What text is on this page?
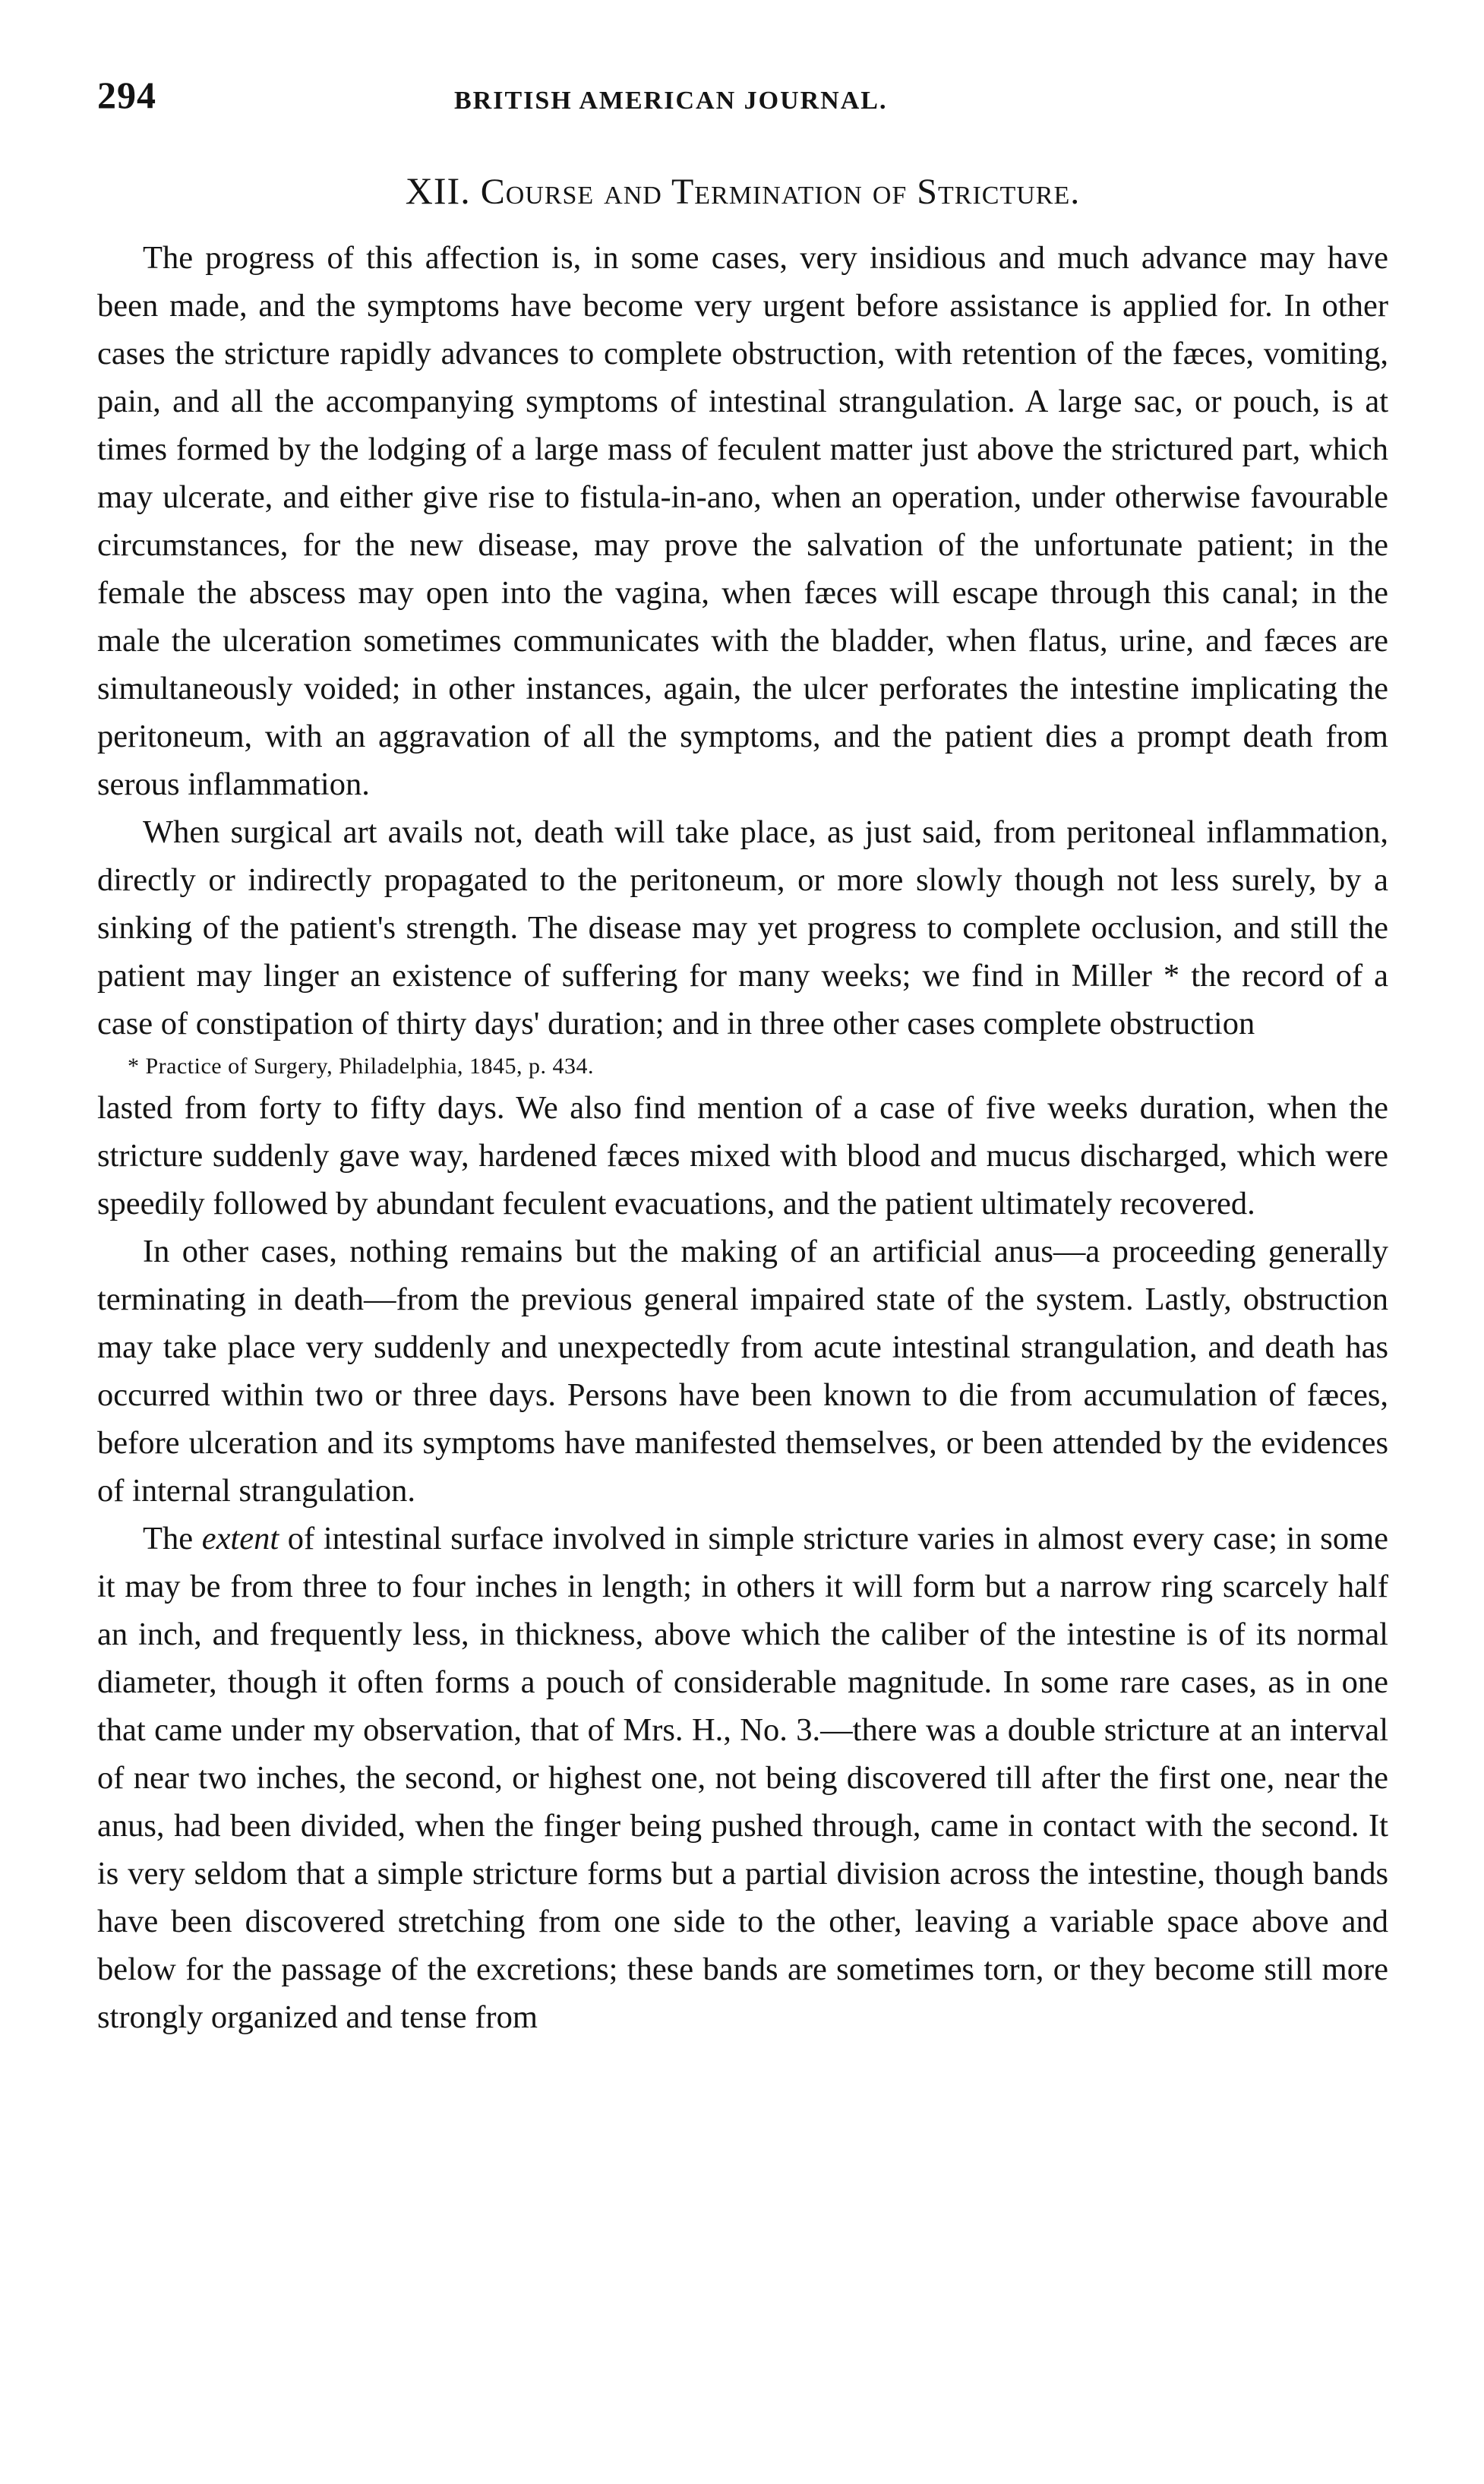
294	BRITISH AMERICAN JOURNAL.
XII. Course and Termination of Stricture.

The progress of this affection is, in some cases, very insidious and much advance may have been made, and the symptoms have become very urgent before assistance is applied for. In other cases the stricture rapidly advances to complete obstruction, with retention of the fæces, vomiting, pain, and all the accompanying symptoms of intestinal strangulation. A large sac, or pouch, is at times formed by the lodging of a large mass of feculent matter just above the strictured part, which may ulcerate, and either give rise to fistula-in-ano, when an operation, under otherwise favourable circumstances, for the new disease, may prove the salvation of the unfortunate patient; in the female the abscess may open into the vagina, when fæces will escape through this canal; in the male the ulceration sometimes communicates with the bladder, when flatus, urine, and fæces are simultaneously voided; in other instances, again, the ulcer perforates the intestine implicating the peritoneum, with an aggravation of all the symptoms, and the patient dies a prompt death from serous inflammation.

When surgical art avails not, death will take place, as just said, from peritoneal inflammation, directly or indirectly propagated to the peritoneum, or more slowly though not less surely, by a sinking of the patient's strength. The disease may yet progress to complete occlusion, and still the patient may linger an existence of suffering for many weeks; we find in Miller * the record of a case of constipation of thirty days' duration; and in three other cases complete obstruction

* Practice of Surgery, Philadelphia, 1845, p. 434.

lasted from forty to fifty days. We also find mention of a case of five weeks duration, when the stricture suddenly gave way, hardened fæces mixed with blood and mucus discharged, which were speedily followed by abundant feculent evacuations, and the patient ultimately recovered.

In other cases, nothing remains but the making of an artificial anus—a proceeding generally terminating in death—from the previous general impaired state of the system. Lastly, obstruction may take place very suddenly and unexpectedly from acute intestinal strangulation, and death has occurred within two or three days. Persons have been known to die from accumulation of fæces, before ulceration and its symptoms have manifested themselves, or been attended by the evidences of internal strangulation.

The extent of intestinal surface involved in simple stricture varies in almost every case; in some it may be from three to four inches in length; in others it will form but a narrow ring scarcely half an inch, and frequently less, in thickness, above which the caliber of the intestine is of its normal diameter, though it often forms a pouch of considerable magnitude. In some rare cases, as in one that came under my observation, that of Mrs. H., No. 3.—there was a double stricture at an interval of near two inches, the second, or highest one, not being discovered till after the first one, near the anus, had been divided, when the finger being pushed through, came in contact with the second. It is very seldom that a simple stricture forms but a partial division across the intestine, though bands have been discovered stretching from one side to the other, leaving a variable space above and below for the passage of the excretions; these bands are sometimes torn, or they become still more strongly organized and tense from
